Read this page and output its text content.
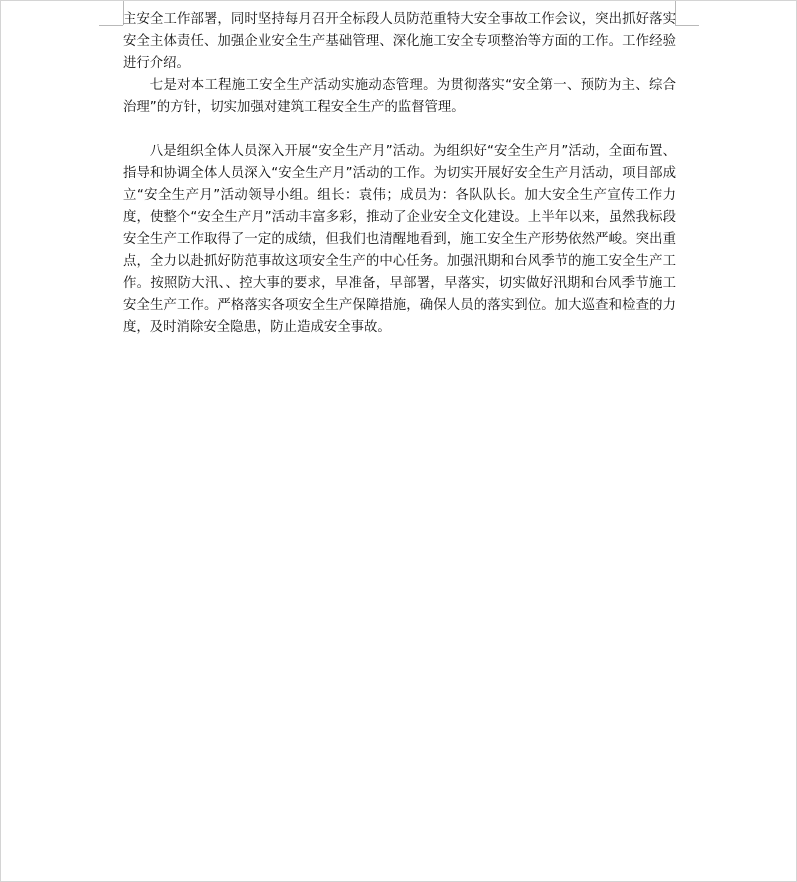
主安全工作部署，同时坚持每月召开全标段人员防范重特大安全事故工作会议，突出抓好落实安全主体责任、加强企业安全生产基础管理、深化施工安全专项整治等方面的工作。工作经验进行介绍。

七是对本工程施工安全生产活动实施动态管理。为贯彻落实“安全第一、预防为主、综合治理”的方针，切实加强对建筑工程安全生产的监督管理。

八是组织全体人员深入开展“安全生产月”活动。为组织好“安全生产月”活动，全面布置、指导和协调全体人员深入“安全生产月”活动的工作。为切实开展好安全生产月活动，项目部成立“安全生产月”活动领导小组。组长：袁伟；成员为：各队队长。加大安全生产宣传工作力度，使整个“安全生产月”活动丰富多彩，推动了企业安全文化建设。上半年以来，虽然我标段安全生产工作取得了一定的成绩，但我们也清醒地看到，施工安全生产形势依然严峻。突出重点，全力以赴抓好防范事故这项安全生产的中心任务。加强汛期和台风季节的施工安全生产工作。按照防大汛、、控大事的要求，早准备，早部署，早落实，切实做好汛期和台风季节施工安全生产工作。严格落实各项安全生产保障措施，确保人员的落实到位。加大巡查和检查的力度，及时消除安全隐患，防止造成安全事故。
